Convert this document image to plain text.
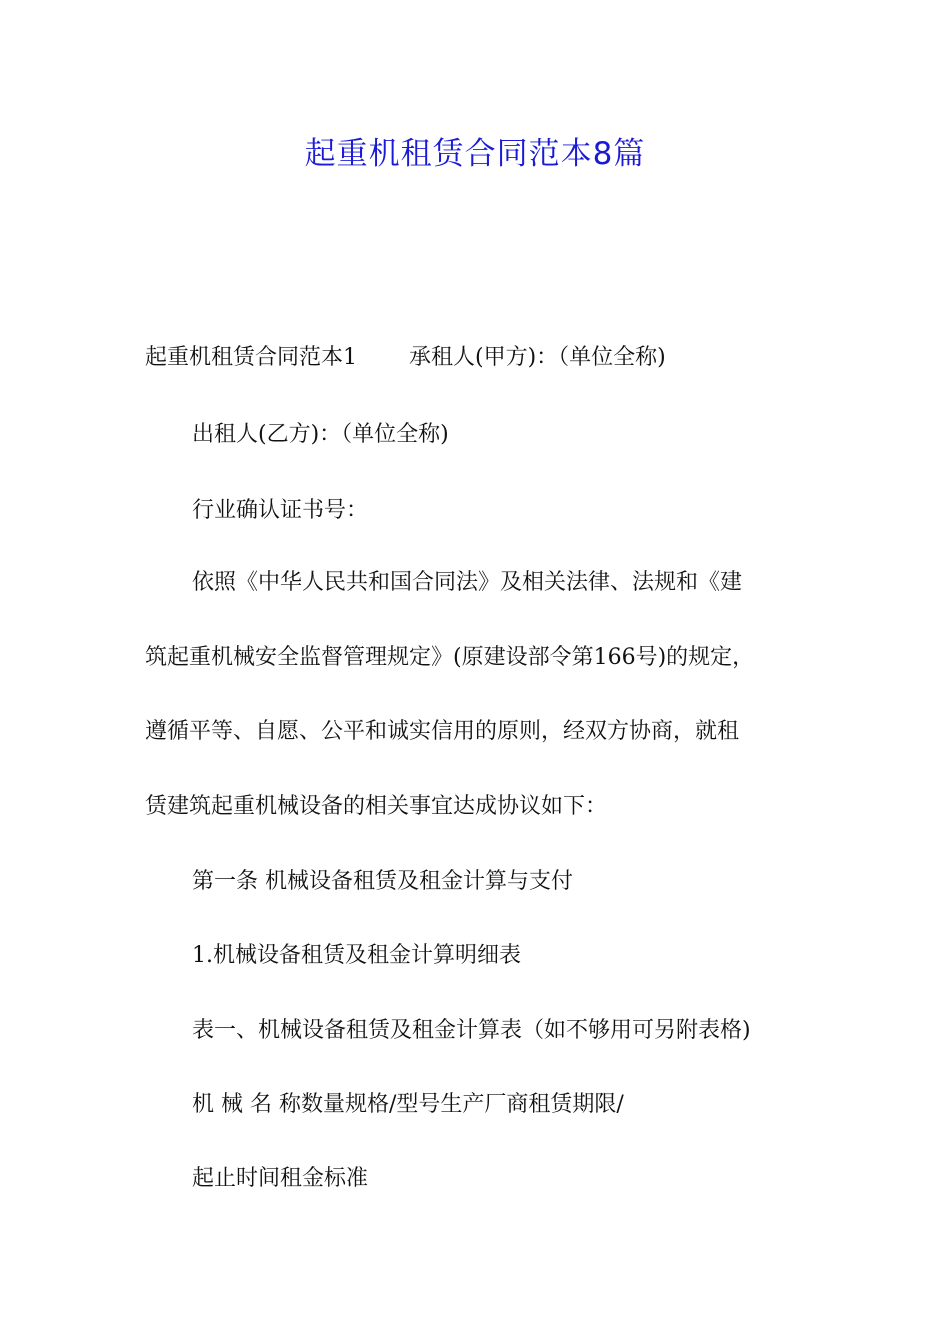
起重机租赁合同范本8篇
起重机租赁合同范本1 承租人(甲方)：（单位全称)
出租人(乙方)：（单位全称)
行业确认证书号：
依照《中华人民共和国合同法》及相关法律、法规和《建
筑起重机械安全监督管理规定》(原建设部令第166号)的规定，
遵循平等、自愿、公平和诚实信用的原则，经双方协商，就租
赁建筑起重机械设备的相关事宜达成协议如下：
第一条 机械设备租赁及租金计算与支付
1.机械设备租赁及租金计算明细表
表一、机械设备租赁及租金计算表（如不够用可另附表格)
机 械 名 称数量规格/型号生产厂商租赁期限/
起止时间租金标准
